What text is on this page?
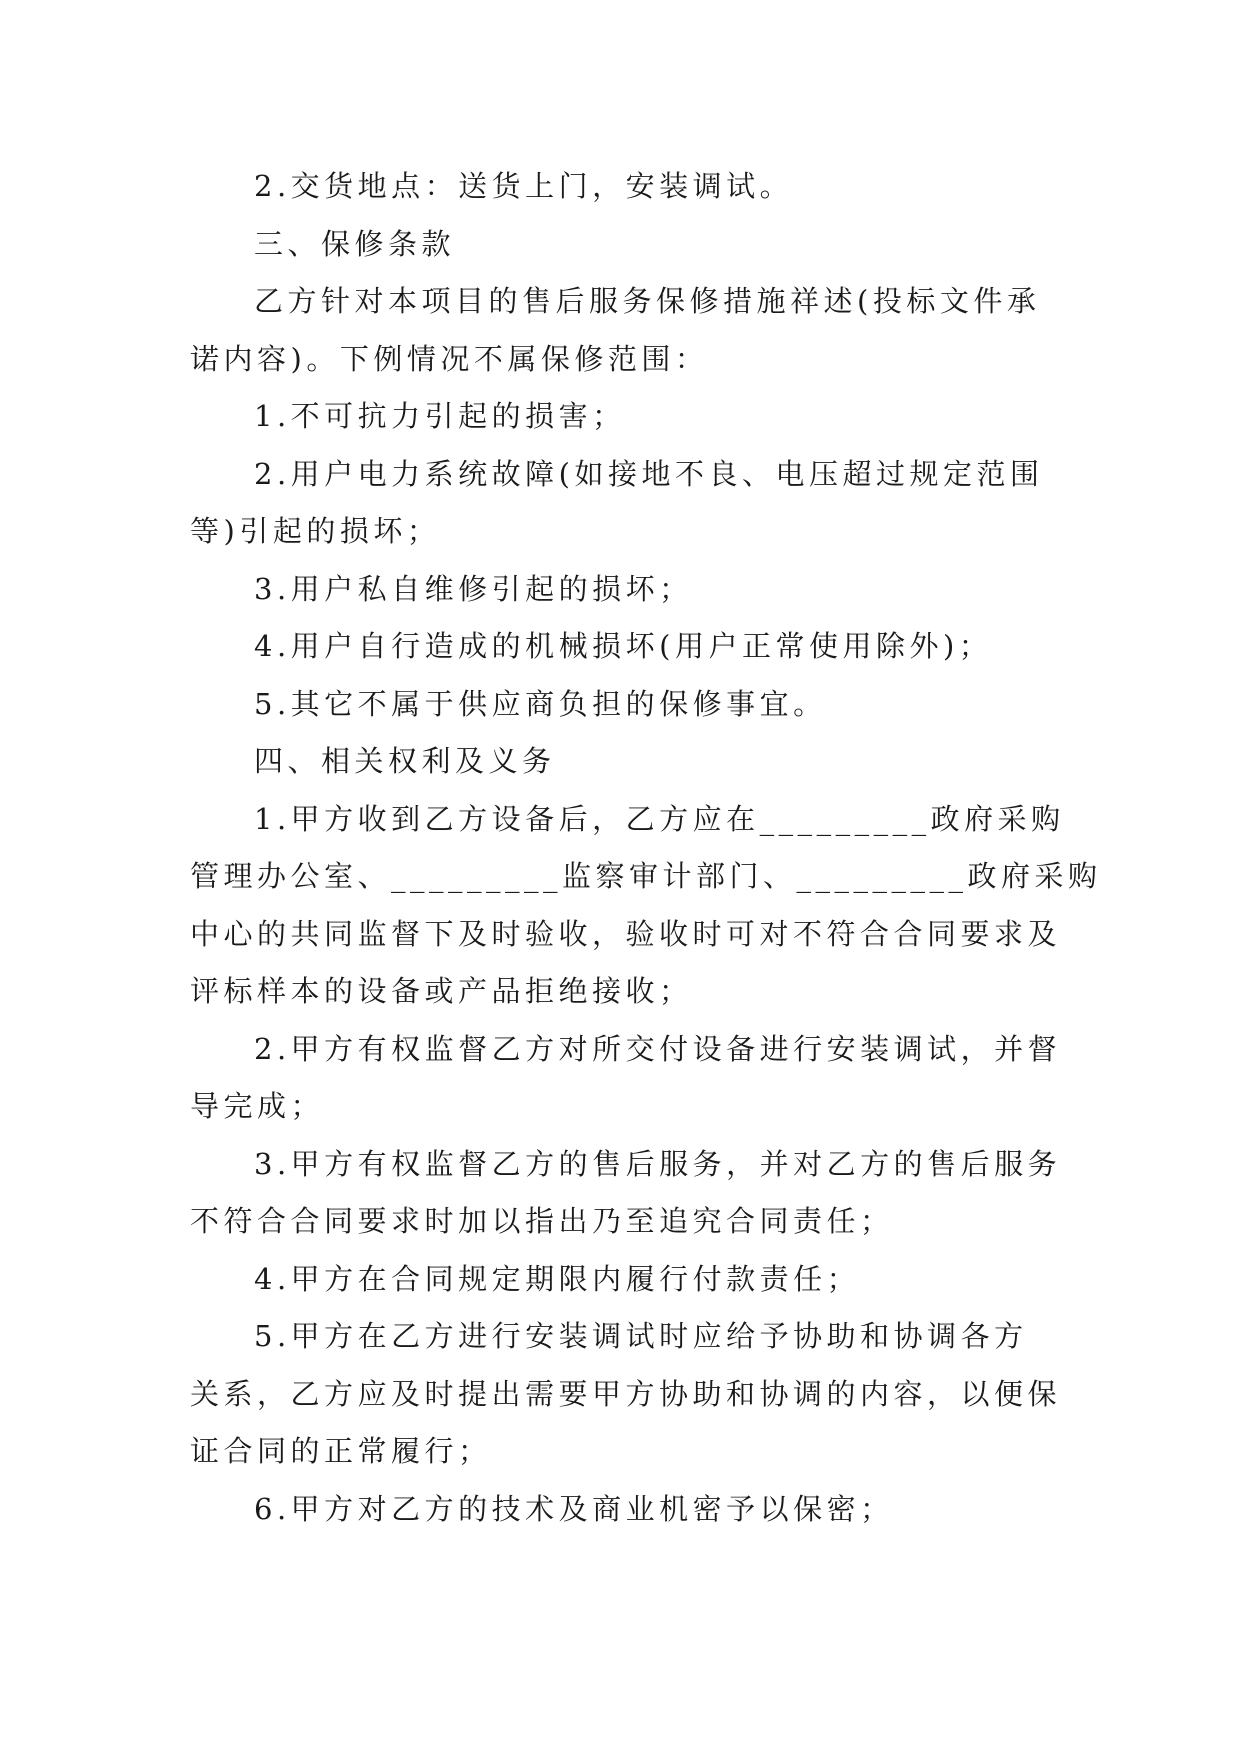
2.交货地点：送货上门，安装调试。
三、保修条款
乙方针对本项目的售后服务保修措施祥述(投标文件承
诺内容)。下例情况不属保修范围：
1.不可抗力引起的损害；
2.用户电力系统故障(如接地不良、电压超过规定范围
等)引起的损坏；
3.用户私自维修引起的损坏；
4.用户自行造成的机械损坏(用户正常使用除外)；
5.其它不属于供应商负担的保修事宜。
四、相关权利及义务
1.甲方收到乙方设备后，乙方应在_________政府采购
管理办公室、_________监察审计部门、_________政府采购
中心的共同监督下及时验收，验收时可对不符合合同要求及
评标样本的设备或产品拒绝接收；
2.甲方有权监督乙方对所交付设备进行安装调试，并督
导完成；
3.甲方有权监督乙方的售后服务，并对乙方的售后服务
不符合合同要求时加以指出乃至追究合同责任；
4.甲方在合同规定期限内履行付款责任；
5.甲方在乙方进行安装调试时应给予协助和协调各方
关系，乙方应及时提出需要甲方协助和协调的内容，以便保
证合同的正常履行；
6.甲方对乙方的技术及商业机密予以保密；
